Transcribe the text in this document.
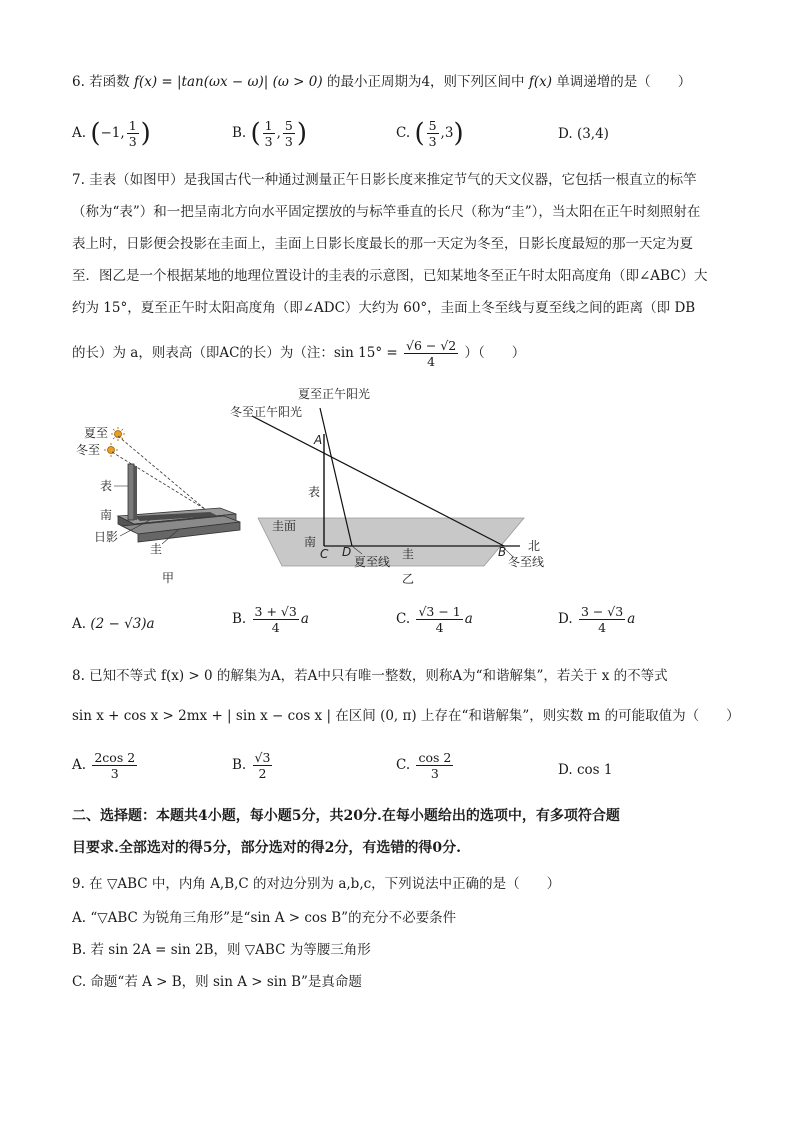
6. 若函数 f(x) = |tan(ωx − ω)| (ω > 0) 的最小正周期为4，则下列区间中 f(x) 单调递增的是（　　）
A. (−1, $\frac{1}{3}$ )	B. ( $\frac{1}{3}$ , $\frac{5}{3}$ )	C. ( $\frac{5}{3} ,3$)	D. (3,4)
7. 圭表（如图甲）是我国古代一种通过测量正午日影长度来推定节气的天文仪器，它包括一根直立的标竿
（称为“表”）和一把呈南北方向水平固定摆放的与标竿垂直的长尺（称为“圭”），当太阳在正午时刻照射在
表上时，日影便会投影在圭面上，圭面上日影长度最长的那一天定为冬至，日影长度最短的那一天定为夏
至．图乙是一个根据某地的地理位置设计的圭表的示意图，已知某地冬至正午时太阳高度角（即∠ABC）大
约为 15°，夏至正午时太阳高度角（即∠ADC）大约为 60°，圭面上冬至线与夏至线之间的距离（即 DB
的长）为 a，则表高（即AC的长）为（注：$\sin 15^\circ = \frac{√6 - √2}{4}$ ）（　　）
夏至
冬至
表
南
日影
圭
甲
圭面
夏至正午阳光
冬至正午阳光
A
表
南
C D
夏至线
圭	B 北
冬至线
乙
A. (2 − √3)a	B. $\frac{3 + √3}{4}$ a	C. $\frac{√3 - 1}{4}$ a	D. $\frac{3 - √3}{4}$ a
8. 已知不等式 f(x) > 0 的解集为A，若A中只有唯一整数，则称A为“和谐解集”，若关于 x 的不等式
sin x + cos x > 2mx + | sin x − cos x | 在区间 (0, π) 上存在“和谐解集”，则实数 m 的可能取值为（　　）
A. $\frac{2\cos 2}{3}$	B. $\frac{√3}{2}$	C. $\frac{\cos 2}{3}$	D. cos 1
二、选择题：本题共4小题，每小题5分，共20分.在每小题给出的选项中，有多项符合题
目要求.全部选对的得5分，部分选对的得2分，有选错的得0分.
9. 在 ▽ABC 中，内角 A,B,C 的对边分别为 a,b,c，下列说法中正确的是（　　）
A. “▽ABC 为锐角三角形”是“sin A > cos B”的充分不必要条件
B. 若 sin 2A = sin 2B，则 ▽ABC 为等腰三角形
C. 命题“若 A > B，则 sin A > sin B”是真命题
